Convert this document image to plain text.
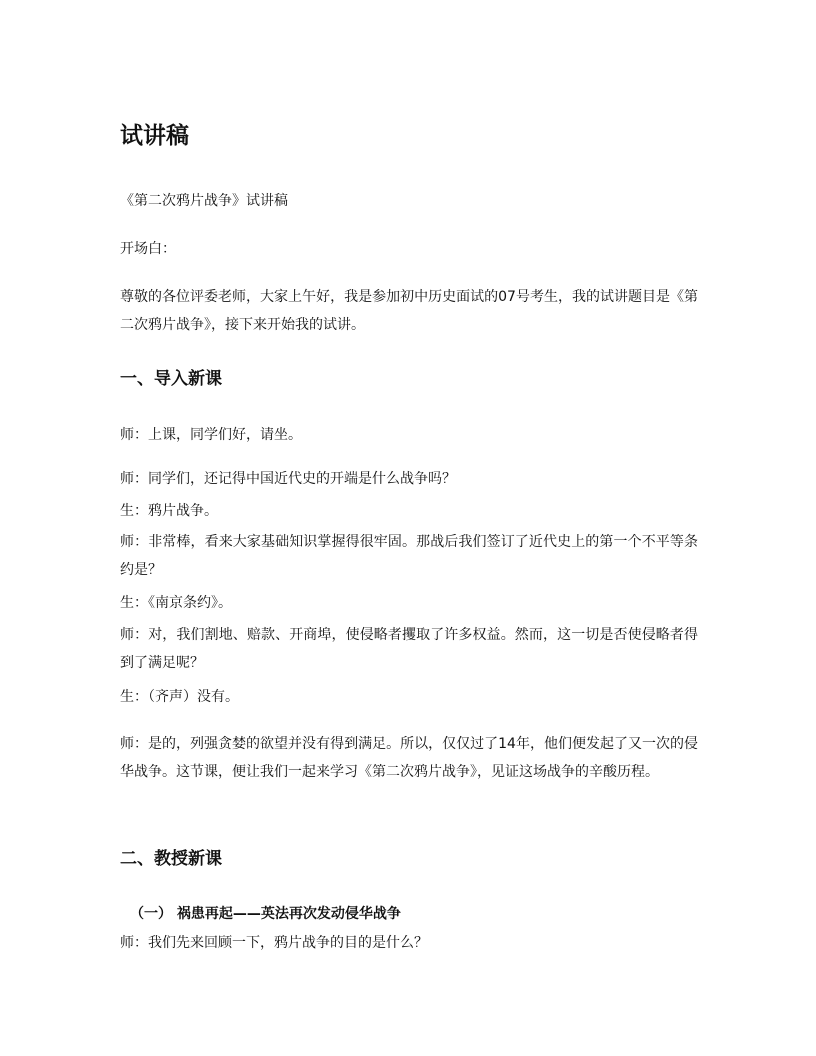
试讲稿

《第二次鸦片战争》试讲稿

开场白：

尊敬的各位评委老师，大家上午好，我是参加初中历史面试的07号考生，我的试讲题目是《第二次鸦片战争》，接下来开始我的试讲。

一、导入新课

师：上课，同学们好，请坐。

师：同学们，还记得中国近代史的开端是什么战争吗？

生：鸦片战争。

师：非常棒，看来大家基础知识掌握得很牢固。那战后我们签订了近代史上的第一个不平等条约是？

生：《南京条约》。

师：对，我们割地、赔款、开商埠，使侵略者攫取了许多权益。然而，这一切是否使侵略者得到了满足呢？

生：（齐声）没有。

师：是的，列强贪婪的欲望并没有得到满足。所以，仅仅过了14年，他们便发起了又一次的侵华战争。这节课，便让我们一起来学习《第二次鸦片战争》，见证这场战争的辛酸历程。

二、教授新课
（一） 祸患再起——英法再次发动侵华战争

师：我们先来回顾一下，鸦片战争的目的是什么？
